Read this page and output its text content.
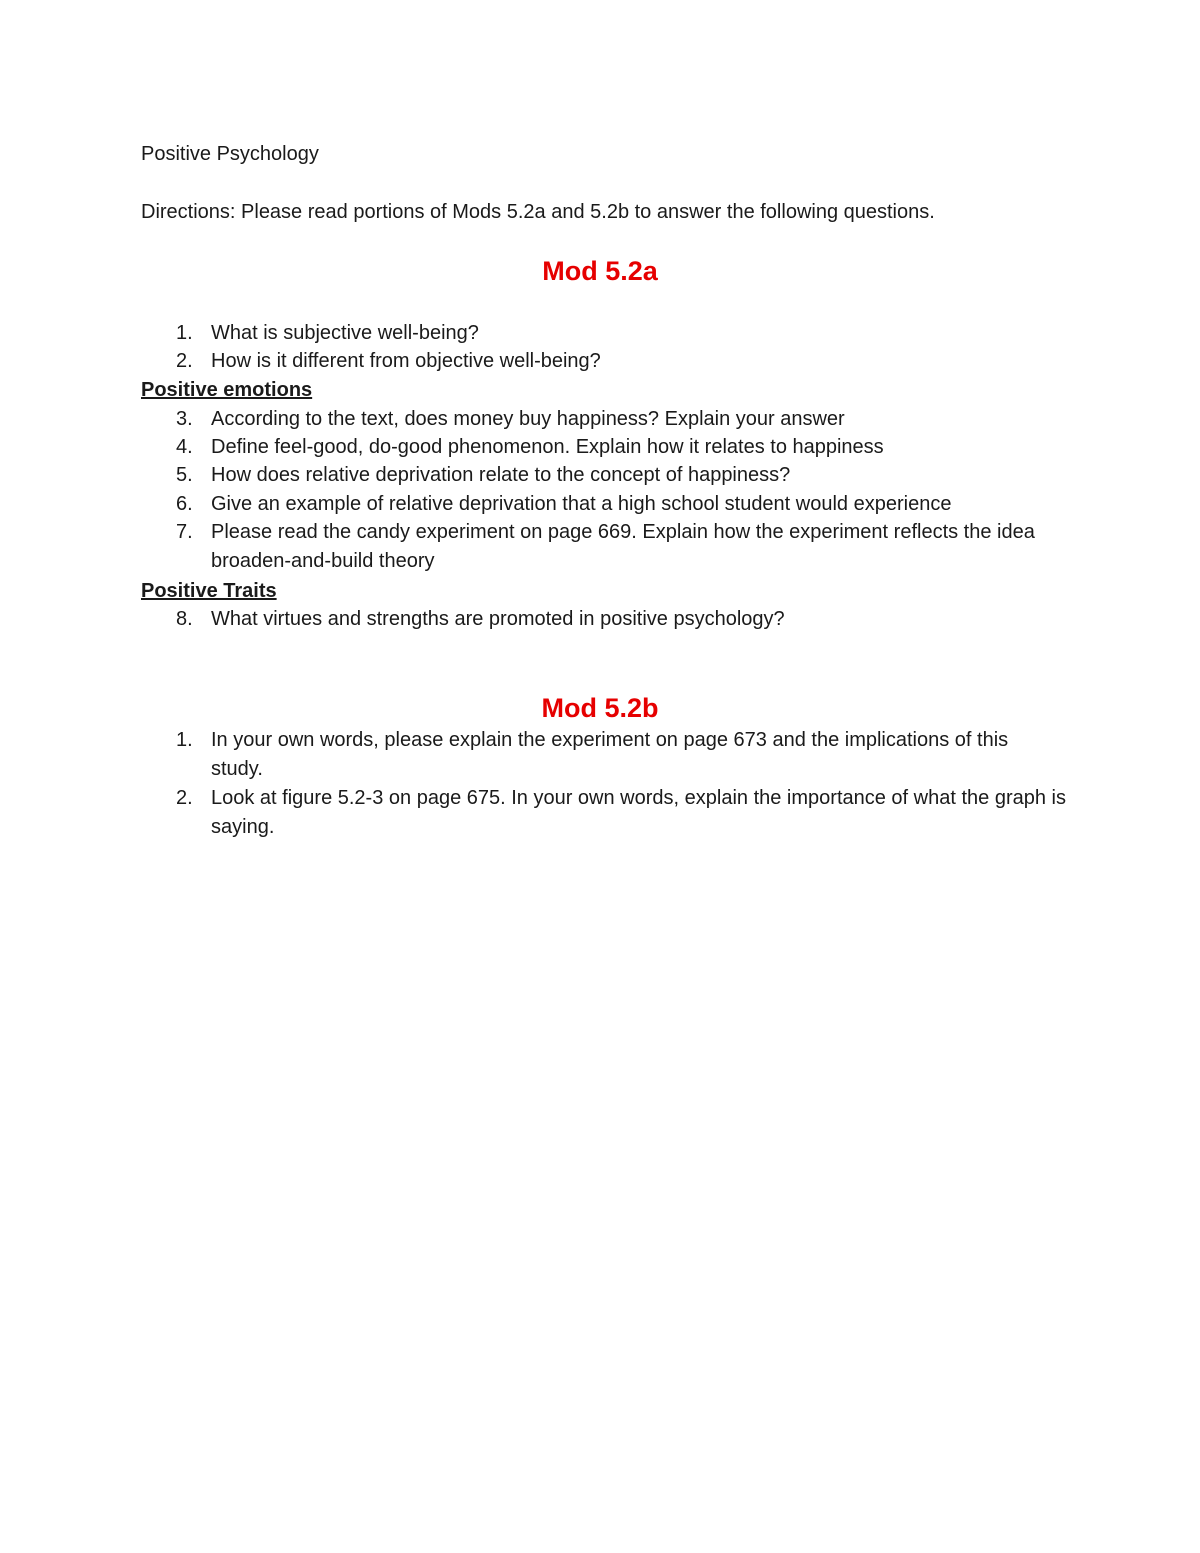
Positive Psychology
Directions: Please read portions of Mods 5.2a and 5.2b to answer the following questions.
Mod 5.2a
1. What is subjective well-being?
2. How is it different from objective well-being?
Positive emotions
3. According to the text, does money buy happiness? Explain your answer
4. Define feel-good, do-good phenomenon. Explain how it relates to happiness
5. How does relative deprivation relate to the concept of happiness?
6. Give an example of relative deprivation that a high school student would experience
7. Please read the candy experiment on page 669. Explain how the experiment reflects the idea broaden-and-build theory
Positive Traits
8. What virtues and strengths are promoted in positive psychology?
Mod 5.2b
1. In your own words, please explain the experiment on page 673 and the implications of this study.
2. Look at figure 5.2-3 on page 675. In your own words, explain the importance of what the graph is saying.
